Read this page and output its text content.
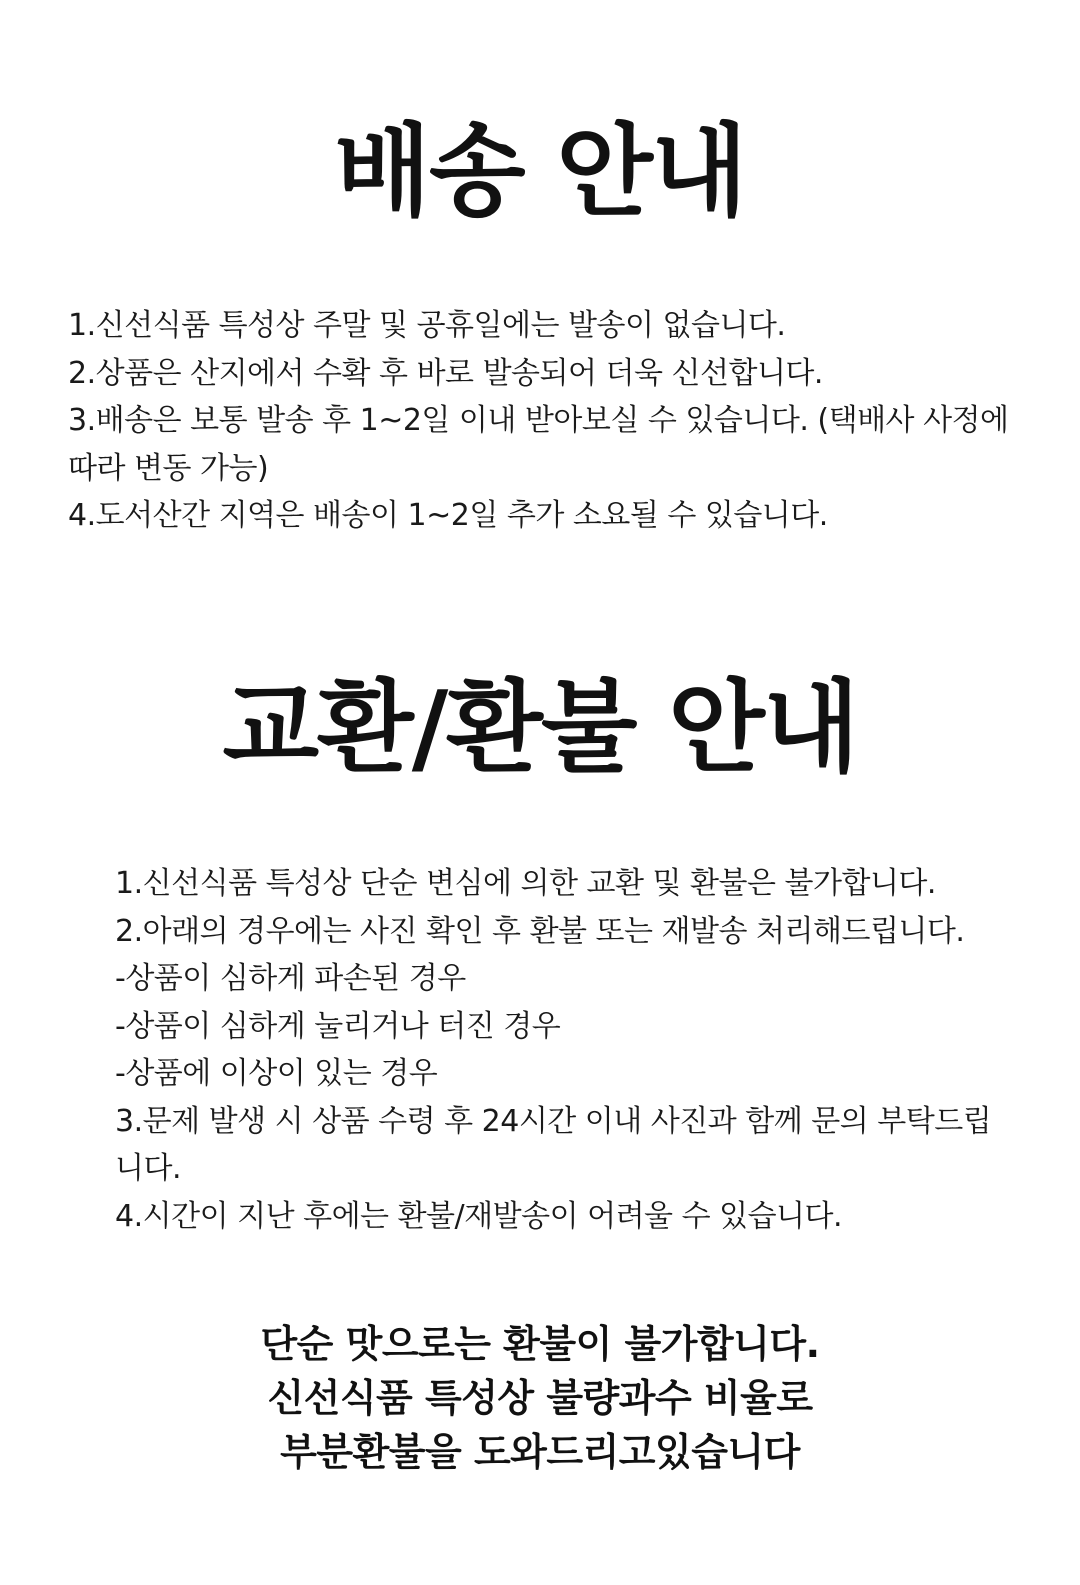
배송 안내
1.신선식품 특성상 주말 및 공휴일에는 발송이 없습니다.
2.상품은 산지에서 수확 후 바로 발송되어 더욱 신선합니다.
3.배송은 보통 발송 후 1~2일 이내 받아보실 수 있습니다. (택배사 사정에 따라 변동 가능)
4.도서산간 지역은 배송이 1~2일 추가 소요될 수 있습니다.
교환/환불 안내
1.신선식품 특성상 단순 변심에 의한 교환 및 환불은 불가합니다.
2.아래의 경우에는 사진 확인 후 환불 또는 재발송 처리해드립니다.
-상품이 심하게 파손된 경우
-상품이 심하게 눌리거나 터진 경우
-상품에 이상이 있는 경우
3.문제 발생 시 상품 수령 후 24시간 이내 사진과 함께 문의 부탁드립니다.
4.시간이 지난 후에는 환불/재발송이 어려울 수 있습니다.
단순 맛으로는 환불이 불가합니다.
신선식품 특성상 불량과수 비율로
부분환불을 도와드리고있습니다
